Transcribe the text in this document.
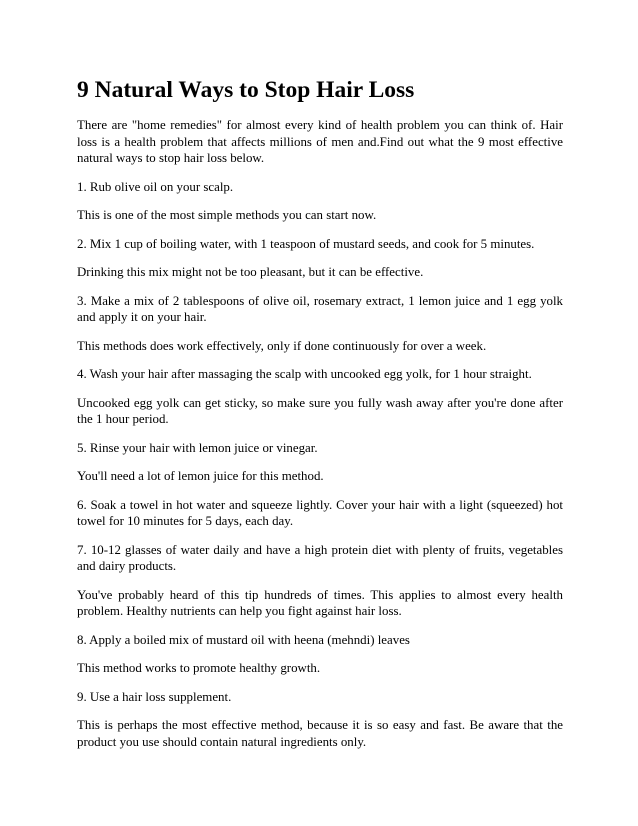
9 Natural Ways to Stop Hair Loss

There are "home remedies" for almost every kind of health problem you can think of. Hair loss is a health problem that affects millions of men and.Find out what the 9 most effective natural ways to stop hair loss below.

1. Rub olive oil on your scalp.

This is one of the most simple methods you can start now.

2. Mix 1 cup of boiling water, with 1 teaspoon of mustard seeds, and cook for 5 minutes.

Drinking this mix might not be too pleasant, but it can be effective.

3. Make a mix of 2 tablespoons of olive oil, rosemary extract, 1 lemon juice and 1 egg yolk and apply it on your hair.

This methods does work effectively, only if done continuously for over a week.

4. Wash your hair after massaging the scalp with uncooked egg yolk, for 1 hour straight.

Uncooked egg yolk can get sticky, so make sure you fully wash away after you're done after the 1 hour period.

5. Rinse your hair with lemon juice or vinegar.

You'll need a lot of lemon juice for this method.

6. Soak a towel in hot water and squeeze lightly. Cover your hair with a light (squeezed) hot towel for 10 minutes for 5 days, each day.

7. 10-12 glasses of water daily and have a high protein diet with plenty of fruits, vegetables and dairy products.

You've probably heard of this tip hundreds of times. This applies to almost every health problem. Healthy nutrients can help you fight against hair loss.

8. Apply a boiled mix of mustard oil with heena (mehndi) leaves

This method works to promote healthy growth.

9. Use a hair loss supplement.

This is perhaps the most effective method, because it is so easy and fast. Be aware that the product you use should contain natural ingredients only.
